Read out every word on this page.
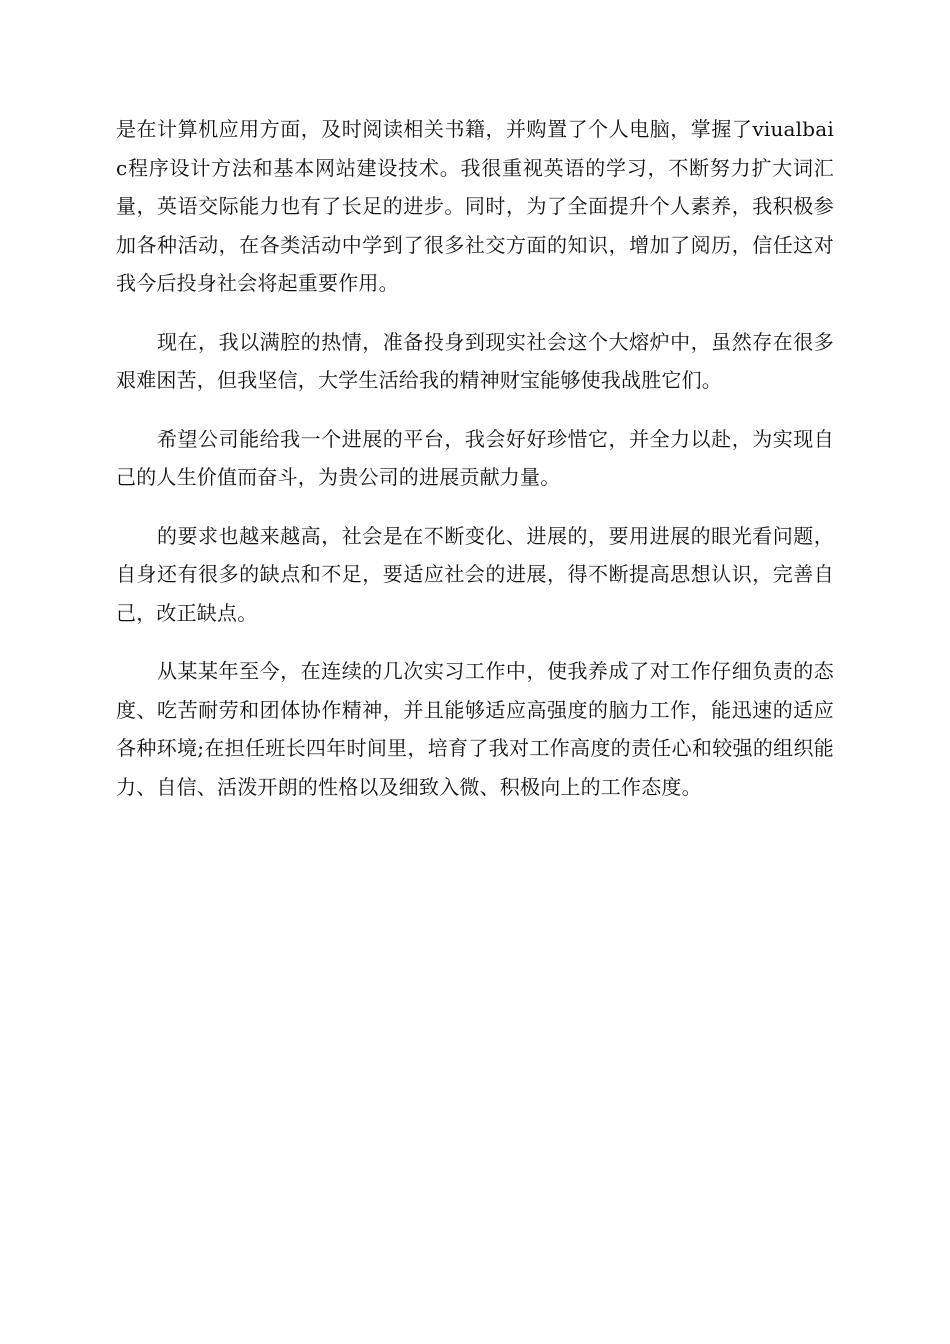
是在计算机应用方面，及时阅读相关书籍，并购置了个人电脑，掌握了viualbaic程序设计方法和基本网站建设技术。我很重视英语的学习，不断努力扩大词汇量，英语交际能力也有了长足的进步。同时，为了全面提升个人素养，我积极参加各种活动，在各类活动中学到了很多社交方面的知识，增加了阅历，信任这对我今后投身社会将起重要作用。

现在，我以满腔的热情，准备投身到现实社会这个大熔炉中，虽然存在很多艰难困苦，但我坚信，大学生活给我的精神财宝能够使我战胜它们。

希望公司能给我一个进展的平台，我会好好珍惜它，并全力以赴，为实现自己的人生价值而奋斗，为贵公司的进展贡献力量。

的要求也越来越高，社会是在不断变化、进展的，要用进展的眼光看问题，自身还有很多的缺点和不足，要适应社会的进展，得不断提高思想认识，完善自己，改正缺点。

从某某年至今，在连续的几次实习工作中，使我养成了对工作仔细负责的态度、吃苦耐劳和团体协作精神，并且能够适应高强度的脑力工作，能迅速的适应各种环境;在担任班长四年时间里，培育了我对工作高度的责任心和较强的组织能力、自信、活泼开朗的性格以及细致入微、积极向上的工作态度。
